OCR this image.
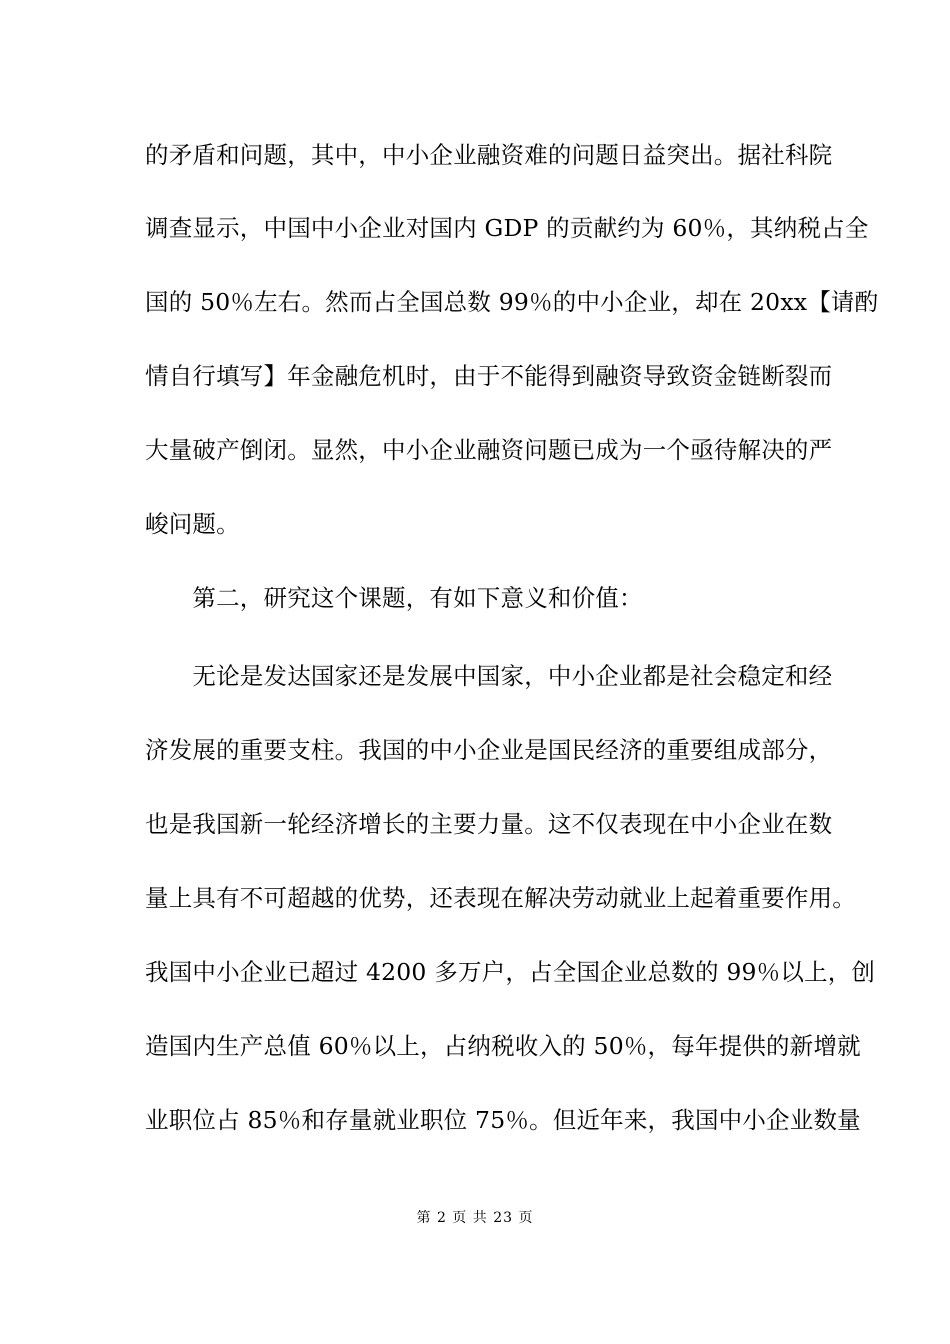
的矛盾和问题，其中，中小企业融资难的问题日益突出。据社科院
调查显示，中国中小企业对国内 GDP 的贡献约为 60％，其纳税占全
国的 50％左右。然而占全国总数 99％的中小企业，却在 20xx【请酌
情自行填写】年金融危机时，由于不能得到融资导致资金链断裂而
大量破产倒闭。显然，中小企业融资问题已成为一个亟待解决的严
峻问题。
　　第二，研究这个课题，有如下意义和价值：
　　无论是发达国家还是发展中国家，中小企业都是社会稳定和经
济发展的重要支柱。我国的中小企业是国民经济的重要组成部分，
也是我国新一轮经济增长的主要力量。这不仅表现在中小企业在数
量上具有不可超越的优势，还表现在解决劳动就业上起着重要作用。
我国中小企业已超过 4200 多万户，占全国企业总数的 99％以上，创
造国内生产总值 60％以上，占纳税收入的 50％，每年提供的新增就
业职位占 85％和存量就业职位 75％。但近年来，我国中小企业数量
第 2 页 共 23 页
